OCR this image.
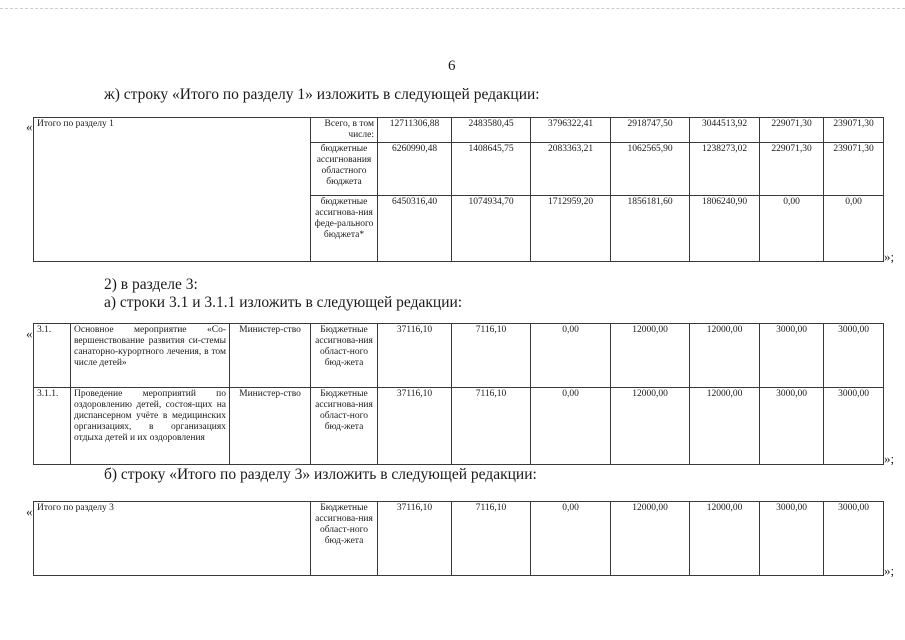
6
ж) строку «Итого по разделу 1» изложить в следующей редакции:
« Итого по разделу 1	Всего, в том числе:	12711306,88	2483580,45	3796322,41	2918747,50	3044513,92	229071,30	239071,30
	бюджетные ассигнования областного бюджета	6260990,48	1408645,75	2083363,21	1062565,90	1238273,02	229071,30	239071,30
	бюджетные ассигнова-ния феде-рального бюджета*	6450316,40	1074934,70	1712959,20	1856181,60	1806240,90	0,00	0,00
»;
2) в разделе 3:
а) строки 3.1 и 3.1.1 изложить в следующей редакции:
« 3.1.	Основное мероприятие «Со-вершенствование развития си-стемы санаторно-курортного лечения, в том числе детей»	Министер-ство	Бюджетные ассигнова-ния област-ного бюд-жета	37116,10	7116,10	0,00	12000,00	12000,00	3000,00	3000,00
3.1.1.	Проведение мероприятий по оздоровлению детей, состоя-щих на диспансерном учёте в медицинских организациях, в организациях отдыха детей и их оздоровления	Министер-ство	Бюджетные ассигнова-ния област-ного бюд-жета	37116,10	7116,10	0,00	12000,00	12000,00	3000,00	3000,00
»;
б) строку «Итого по разделу 3» изложить в следующей редакции:
« Итого по разделу 3	Бюджетные ассигнова-ния област-ного бюд-жета	37116,10	7116,10	0,00	12000,00	12000,00	3000,00	3000,00
»;
